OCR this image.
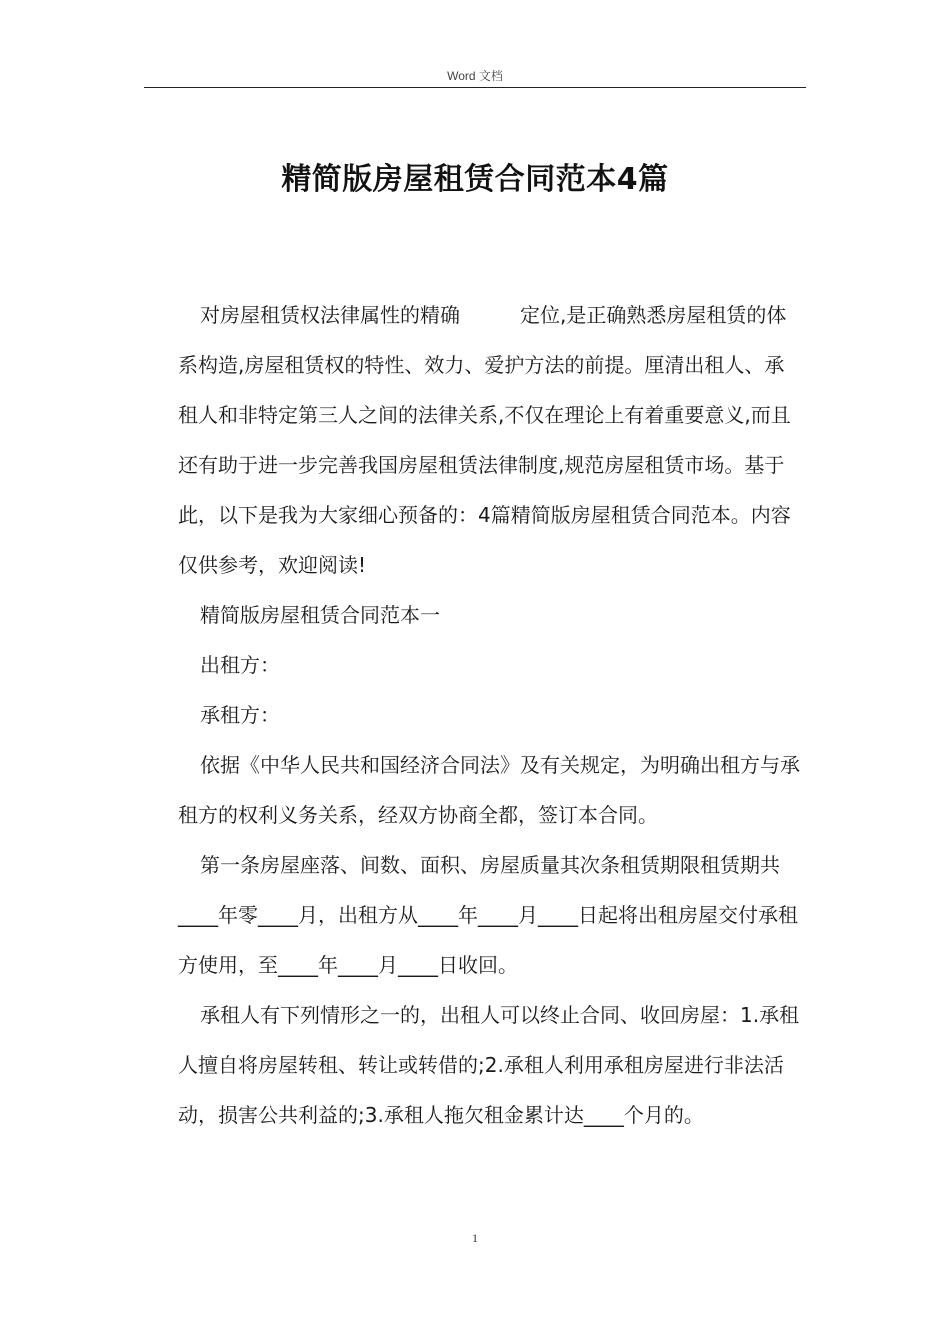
Word 文档
精简版房屋租赁合同范本4篇

对房屋租赁权法律属性的精确　　　定位,是正确熟悉房屋租赁的体系构造,房屋租赁权的特性、效力、爱护方法的前提。厘清出租人、承租人和非特定第三人之间的法律关系,不仅在理论上有着重要意义,而且还有助于进一步完善我国房屋租赁法律制度,规范房屋租赁市场。基于此，以下是我为大家细心预备的：4篇精简版房屋租赁合同范本。内容仅供参考，欢迎阅读!

精简版房屋租赁合同范本一

出租方：

承租方：

依据《中华人民共和国经济合同法》及有关规定，为明确出租方与承租方的权利义务关系，经双方协商全都，签订本合同。

第一条房屋座落、间数、面积、房屋质量其次条租赁期限租赁期共____年零____月，出租方从____年____月____日起将出租房屋交付承租方使用，至____年____月____日收回。

承租人有下列情形之一的，出租人可以终止合同、收回房屋：1.承租人擅自将房屋转租、转让或转借的;2.承租人利用承租房屋进行非法活动，损害公共利益的;3.承租人拖欠租金累计达____个月的。

1
